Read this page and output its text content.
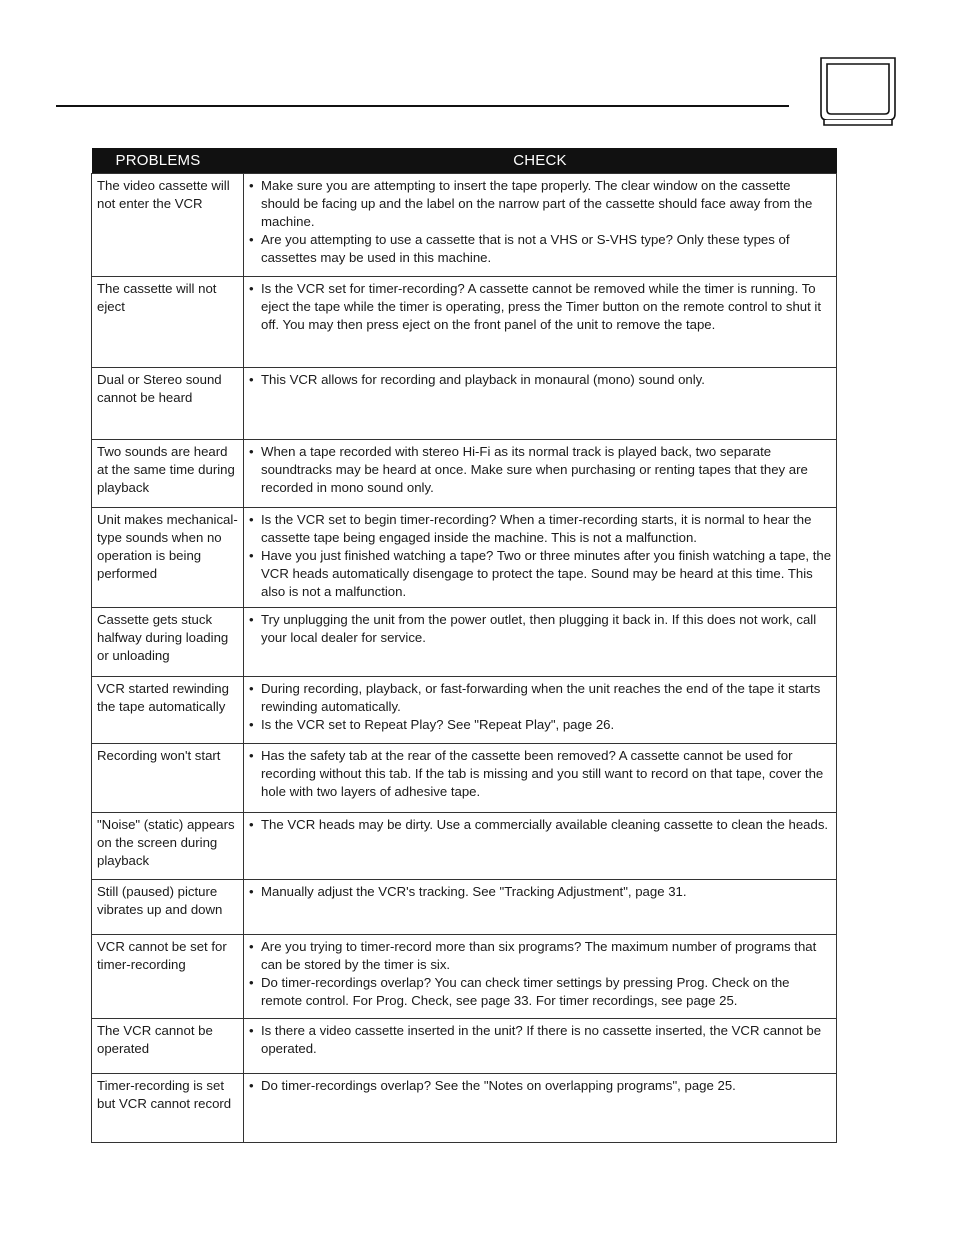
PROBLEMS	CHECK
The video cassette will not enter the VCR	• Make sure you are attempting to insert the tape properly. The clear window on the cassette should be facing up and the label on the narrow part of the cassette should face away from the machine.
• Are you attempting to use a cassette that is not a VHS or S-VHS type? Only these types of cassettes may be used in this machine.

The cassette will not eject	• Is the VCR set for timer-recording? A cassette cannot be removed while the timer is running. To eject the tape while the timer is operating, press the Timer button on the remote control to shut it off. You may then press eject on the front panel of the unit to remove the tape.

Dual or Stereo sound cannot be heard	• This VCR allows for recording and playback in monaural (mono) sound only.

Two sounds are heard at the same time during playback	• When a tape recorded with stereo Hi-Fi as its normal track is played back, two separate soundtracks may be heard at once. Make sure when purchasing or renting tapes that they are recorded in mono sound only.

Unit makes mechanical-type sounds when no operation is being performed	• Is the VCR set to begin timer-recording? When a timer-recording starts, it is normal to hear the cassette tape being engaged inside the machine. This is not a malfunction.
• Have you just finished watching a tape? Two or three minutes after you finish watching a tape, the VCR heads automatically disengage to protect the tape. Sound may be heard at this time. This also is not a malfunction.

Cassette gets stuck halfway during loading or unloading	• Try unplugging the unit from the power outlet, then plugging it back in. If this does not work, call your local dealer for service.

VCR started rewinding the tape automatically	• During recording, playback, or fast-forwarding when the unit reaches the end of the tape it starts rewinding automatically.
• Is the VCR set to Repeat Play? See "Repeat Play", page 26.

Recording won't start	• Has the safety tab at the rear of the cassette been removed? A cassette cannot be used for recording without this tab. If the tab is missing and you still want to record on that tape, cover the hole with two layers of adhesive tape.

"Noise" (static) appears on the screen during playback	• The VCR heads may be dirty. Use a commercially available cleaning cassette to clean the heads.

Still (paused) picture vibrates up and down	• Manually adjust the VCR's tracking. See "Tracking Adjustment", page 31.

VCR cannot be set for timer-recording	• Are you trying to timer-record more than six programs? The maximum number of programs that can be stored by the timer is six.
• Do timer-recordings overlap? You can check timer settings by pressing Prog. Check on the remote control. For Prog. Check, see page 33. For timer recordings, see page 25.

The VCR cannot be operated	• Is there a video cassette inserted in the unit? If there is no cassette inserted, the VCR cannot be operated.

Timer-recording is set but VCR cannot record	• Do timer-recordings overlap? See the "Notes on overlapping programs", page 25.
